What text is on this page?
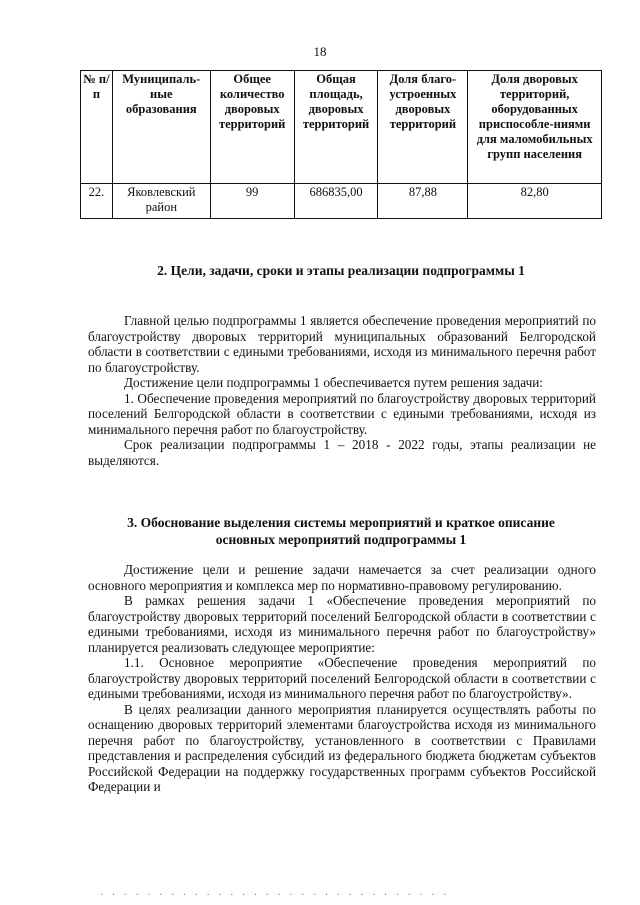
18
№ п/п	Муниципаль-ные образования	Общее количество дворовых территорий	Общая площадь, дворовых территорий	Доля благо-устроенных дворовых территорий	Доля дворовых территорий, оборудованных приспособле-ниями для маломобильных групп населения
22.	Яковлевский район	99	686835,00	87,88	82,80
2. Цели, задачи, сроки и этапы реализации подпрограммы 1

Главной целью подпрограммы 1 является обеспечение проведения мероприятий по благоустройству дворовых территорий муниципальных образований Белгородской области в соответствии с едиными требованиями, исходя из минимального перечня работ по благоустройству.

Достижение цели подпрограммы 1 обеспечивается путем решения задачи:

1. Обеспечение проведения мероприятий по благоустройству дворовых территорий поселений Белгородской области в соответствии с едиными требованиями, исходя из минимального перечня работ по благоустройству.

Срок реализации подпрограммы 1 – 2018 - 2022 годы, этапы реализации не выделяются.

3. Обоснование выделения системы мероприятий и краткое описание
основных мероприятий подпрограммы 1

Достижение цели и решение задачи намечается за счет реализации одного основного мероприятия и комплекса мер по нормативно-правовому регулированию.

В рамках решения задачи 1 «Обеспечение проведения мероприятий по благоустройству дворовых территорий поселений Белгородской области в соответствии с едиными требованиями, исходя из минимального перечня работ по благоустройству» планируется реализовать следующее мероприятие:

1.1. Основное мероприятие «Обеспечение проведения мероприятий по благоустройству дворовых территорий поселений Белгородской области в соответствии с едиными требованиями, исходя из минимального перечня работ по благоустройству».

В целях реализации данного мероприятия планируется осуществлять работы по оснащению дворовых территорий элементами благоустройства исходя из минимального перечня работ по благоустройству, установленного в соответствии с Правилами представления и распределения субсидий из федерального бюджета бюджетам субъектов Российской Федерации на поддержку государственных программ субъектов Российской Федерации и

· · · · · · · · · · · · · · · · · · · · · · · · · · · · · ·
